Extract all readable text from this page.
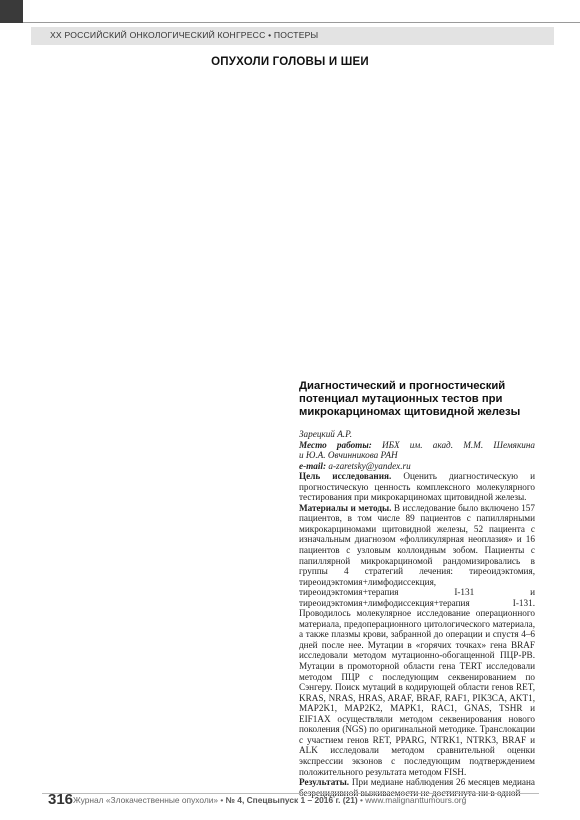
XX РОССИЙСКИЙ ОНКОЛОГИЧЕСКИЙ КОНГРЕСС • ПОСТЕРЫ
ОПУХОЛИ ГОЛОВЫ И ШЕИ
Диагностический и прогностический потенциал мутационных тестов при микрокарциномах щитовидной железы

Зарецкий А.Р.

Место работы: ИБХ им. акад. М.М. Шемякина

и Ю.А. Овчинникова РАН

e-mail: a-zaretsky@yandex.ru

Цель исследования. Оценить диагностическую и прогностическую ценность комплексного молекулярного тестирования при микрокарциномах щитовидной железы.

Материалы и методы. В исследование было включено 157 пациентов, в том числе 89 пациентов с папиллярными микрокарциномами щитовидной железы, 52 пациента с изначальным диагнозом «фолликулярная неоплазия» и 16 пациентов с узловым коллоидным зобом. Пациенты с папиллярной микрокарциномой рандомизировались в группы 4 стратегий лечения: тиреоидэктомия, тиреоидэктомия+лимфодиссекция, тиреоидэктомия+терапия I-131 и тиреоидэктомия+лимфодиссекция+терапия I-131. Проводилось молекулярное исследование операционного материала, предоперационного цитологического материала, а также плазмы крови, забранной до операции и спустя 4–6 дней после нее. Мутации в «горячих точках» гена BRAF исследовали методом мутационно-обогащенной ПЦР-РВ. Мутации в промоторной области гена TERT исследовали методом ПЦР с последующим секвенированием по Сэнгеру. Поиск мутаций в кодирующей области генов RET, KRAS, NRAS, HRAS, ARAF, BRAF, RAF1, PIK3CA, AKT1, MAP2K1, MAP2K2, MAPK1, RAC1, GNAS, TSHR и EIF1AX осуществляли методом секвенирования нового поколения (NGS) по оригинальной методике. Транслокации с участием генов RET, PPARG, NTRK1, NTRK3, BRAF и ALK исследовали методом сравнительной оценки экспрессии экзонов с последующим подтверждением положительного результата методом FISH.

Результаты. При медиане наблюдения 26 месяцев медиана

316 Журнал «Злокачественные опухоли» • № 4, Спецвыпуск 1 – 2016 г. (21) • www.malignanttumours.org
